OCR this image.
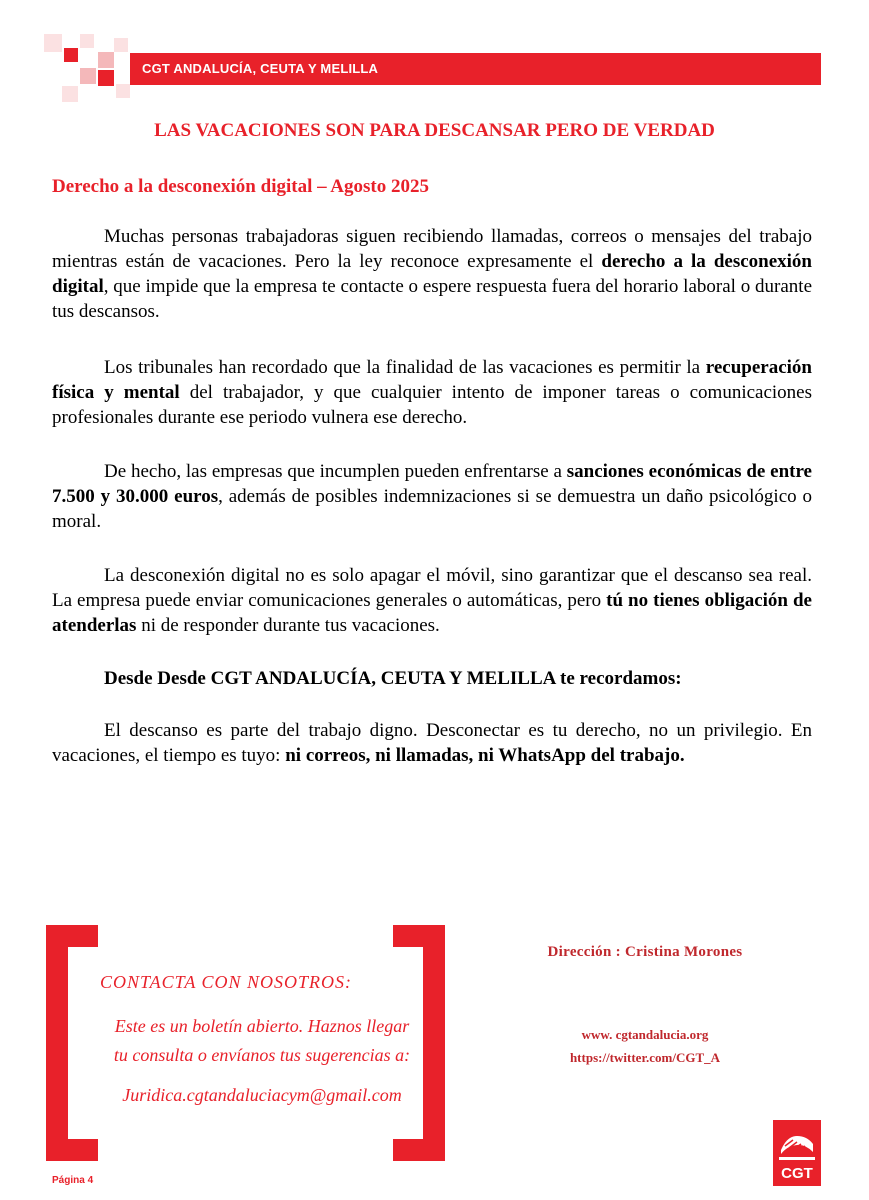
CGT ANDALUCÍA, CEUTA Y MELILLA
LAS VACACIONES SON PARA DESCANSAR PERO DE VERDAD
Derecho a la desconexión digital – Agosto 2025

Muchas personas trabajadoras siguen recibiendo llamadas, correos o mensajes del trabajo mientras están de vacaciones. Pero la ley reconoce expresamente el derecho a la desconexión digital, que impide que la empresa te contacte o espere respuesta fuera del horario laboral o durante tus descansos.

Los tribunales han recordado que la finalidad de las vacaciones es permitir la recuperación física y mental del trabajador, y que cualquier intento de imponer tareas o comunicaciones profesionales durante ese periodo vulnera ese derecho.

De hecho, las empresas que incumplen pueden enfrentarse a sanciones económicas de entre 7.500 y 30.000 euros, además de posibles indemnizaciones si se demuestra un daño psicológico o moral.

La desconexión digital no es solo apagar el móvil, sino garantizar que el descanso sea real. La empresa puede enviar comunicaciones generales o automáticas, pero tú no tienes obligación de atenderlas ni de responder durante tus vacaciones.

Desde Desde CGT ANDALUCÍA, CEUTA Y MELILLA te recordamos:

El descanso es parte del trabajo digno. Desconectar es tu derecho, no un privilegio. En vacaciones, el tiempo es tuyo: ni correos, ni llamadas, ni WhatsApp del trabajo.

CONTACTA CON NOSOTROS:
Este es un boletín abierto. Haznos llegar
tu consulta o envíanos tus sugerencias a:
Juridica.cgtandaluciacym@gmail.com
Dirección : Cristina Morones
www. cgtandalucia.org
https://twitter.com/CGT_A
Página 4	CGT
